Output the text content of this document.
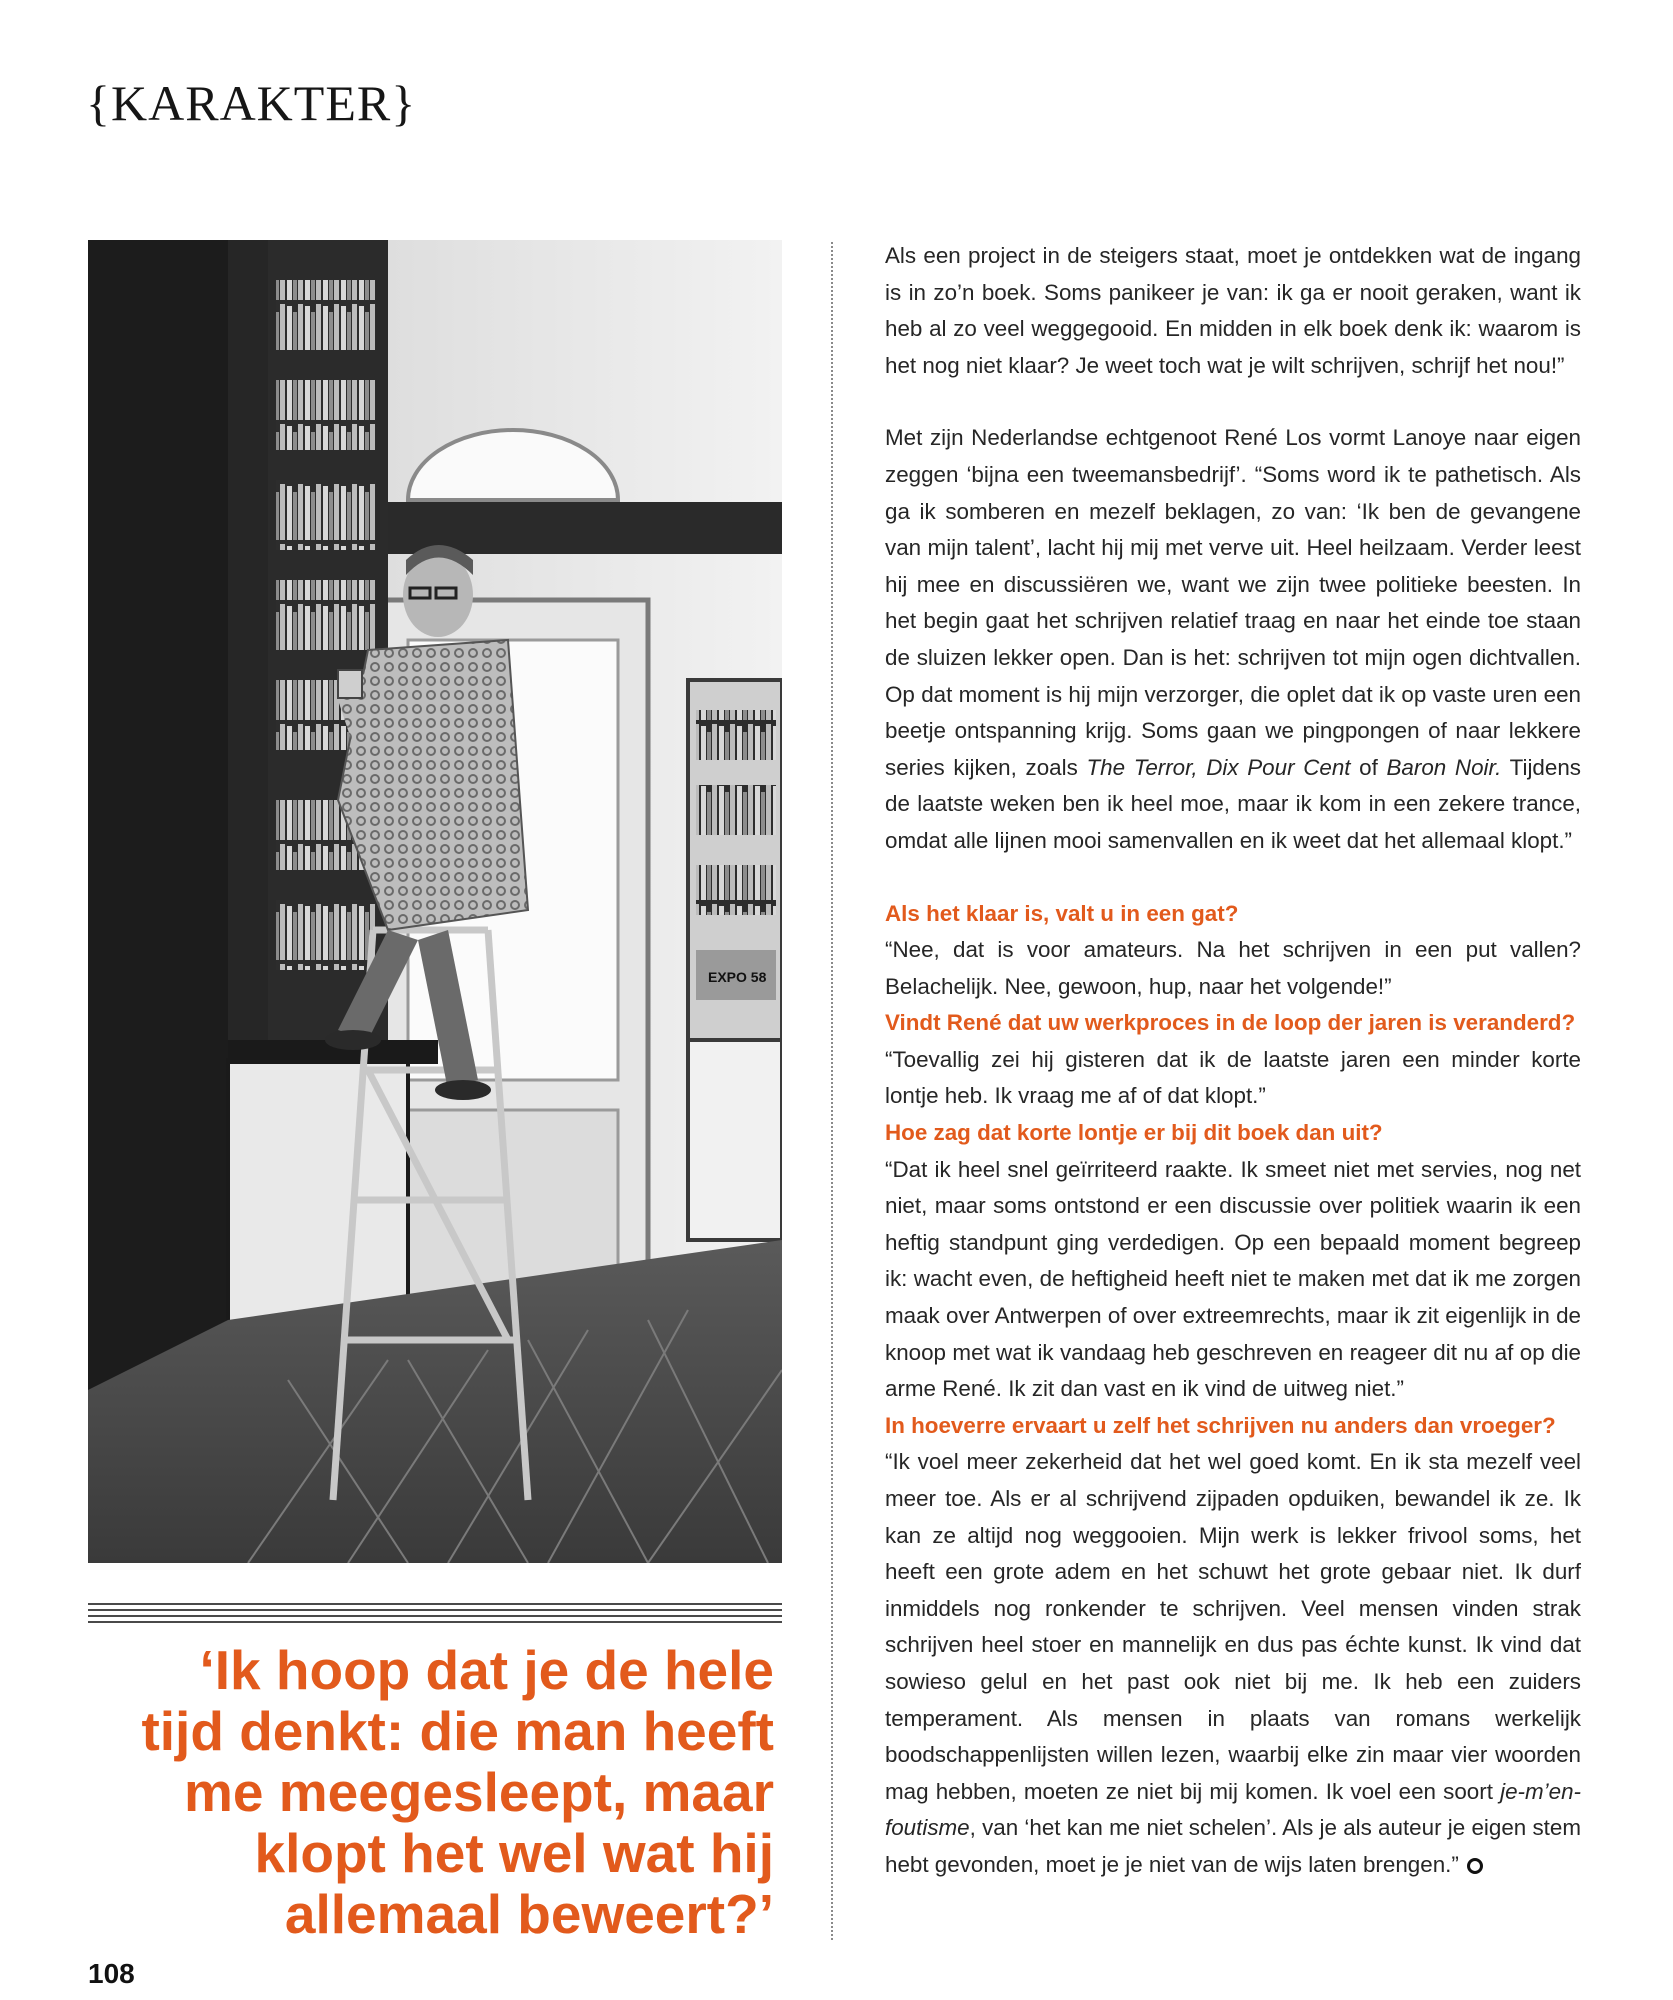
{KARAKTER}
EXPO 58
‘Ik hoop dat je de hele
tijd denkt: die man heeft
me meegesleept, maar
klopt het wel wat hij
allemaal beweert?’
108

Als een project in de steigers staat, moet je ontdekken wat de ingang is in zo’n boek. Soms panikeer je van: ik ga er nooit geraken, want ik heb al zo veel weggegooid. En midden in elk boek denk ik: waarom is het nog niet klaar? Je weet toch wat je wilt schrijven, schrijf het nou!”

Met zijn Nederlandse echtgenoot René Los vormt Lanoye naar eigen zeggen ‘bijna een tweemansbedrijf’. “Soms word ik te pathetisch. Als ga ik somberen en mezelf beklagen, zo van: ‘Ik ben de gevangene van mijn talent’, lacht hij mij met verve uit. Heel heilzaam. Verder leest hij mee en discussiëren we, want we zijn twee politieke beesten. In het begin gaat het schrijven relatief traag en naar het einde toe staan de sluizen lekker open. Dan is het: schrijven tot mijn ogen dichtvallen. Op dat moment is hij mijn verzorger, die oplet dat ik op vaste uren een beetje ontspanning krijg. Soms gaan we pingpongen of naar lekkere series kijken, zoals The Terror, Dix Pour Cent of Baron Noir. Tijdens de laatste weken ben ik heel moe, maar ik kom in een zekere trance, omdat alle lijnen mooi samenvallen en ik weet dat het allemaal klopt.”

Als het klaar is, valt u in een gat?

“Nee, dat is voor amateurs. Na het schrijven in een put vallen? Belachelijk. Nee, gewoon, hup, naar het volgende!”

Vindt René dat uw werkproces in de loop der jaren is veranderd?

“Toevallig zei hij gisteren dat ik de laatste jaren een minder korte lontje heb. Ik vraag me af of dat klopt.”

Hoe zag dat korte lontje er bij dit boek dan uit?

“Dat ik heel snel geïrriteerd raakte. Ik smeet niet met servies, nog net niet, maar soms ontstond er een discussie over politiek waarin ik een heftig standpunt ging verdedigen. Op een bepaald moment begreep ik: wacht even, de heftigheid heeft niet te maken met dat ik me zorgen maak over Antwerpen of over extreemrechts, maar ik zit eigenlijk in de knoop met wat ik vandaag heb geschreven en reageer dit nu af op die arme René. Ik zit dan vast en ik vind de uitweg niet.”

In hoeverre ervaart u zelf het schrijven nu anders dan vroeger?

“Ik voel meer zekerheid dat het wel goed komt. En ik sta mezelf veel meer toe. Als er al schrijvend zijpaden opduiken, bewandel ik ze. Ik kan ze altijd nog weggooien. Mijn werk is lekker frivool soms, het heeft een grote adem en het schuwt het grote gebaar niet. Ik durf inmiddels nog ronkender te schrijven. Veel mensen vinden strak schrijven heel stoer en mannelijk en dus pas échte kunst. Ik vind dat sowieso gelul en het past ook niet bij me. Ik heb een zuiders temperament. Als mensen in plaats van romans werkelijk boodschappenlijsten willen lezen, waarbij elke zin maar vier woorden mag hebben, moeten ze niet bij mij komen. Ik voel een soort je-m’en-foutisme, van ‘het kan me niet schelen’. Als je als auteur je eigen stem hebt gevonden, moet je je niet van de wijs laten brengen.”
